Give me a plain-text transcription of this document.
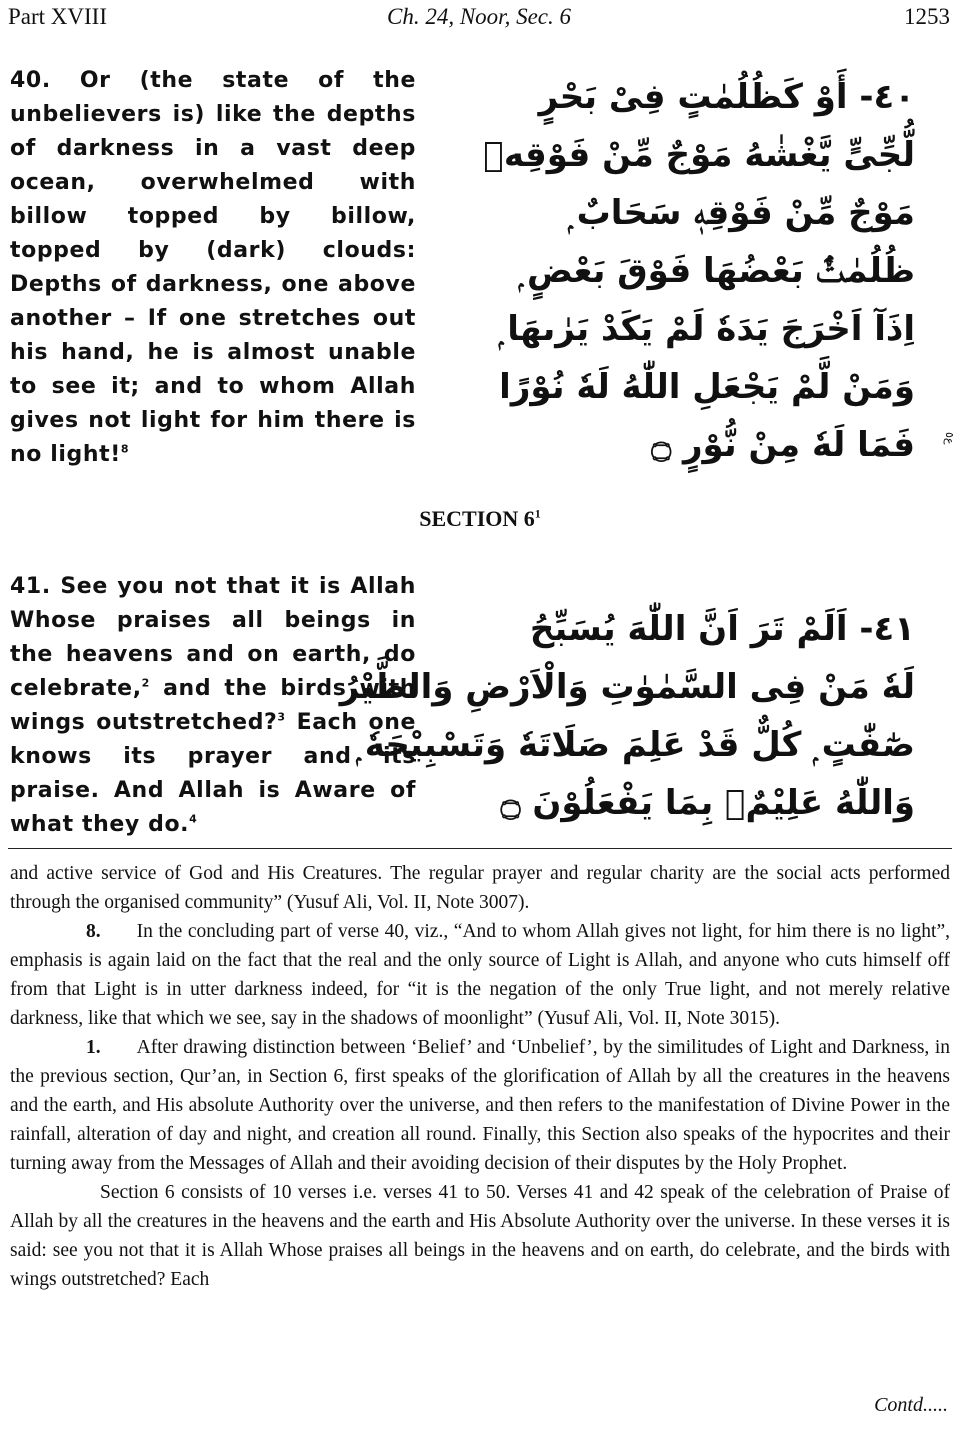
Part XVIII	Ch. 24, Noor, Sec. 6	1253
40. Or (the state of the unbelievers is) like the depths of darkness in a vast deep ocean, overwhelmed with billow topped by billow, topped by (dark) clouds: Depths of darkness, one above another – If one stretches out his hand, he is almost unable to see it; and to whom Allah gives not light for him there is no light!$^8$
٤٠- أَوْ كَظُلُمٰتٍ فِىْ بَحْرٍ
لُّجِّىٍّ يَّغْشٰهُ مَوْجٌ مِّنْ فَوْقِهٖ
مَوْجٌ مِّنْ فَوْقِهٖ سَحَابٌ ۭ
ظُلُمٰتٌۢ بَعْضُهَا فَوْقَ بَعْضٍ ۭ
اِذَآ اَخْرَجَ يَدَهٗ لَمْ يَكَدْ يَرٰىهَا ۭ
وَمَنْ لَّمْ يَجْعَلِ اللّٰهُ لَهٗ نُوْرًا
فَمَا لَهٗ مِنْ نُّوْرٍ ۝	ع٥
SECTION $6^1$
41. See you not that it is Allah Whose praises all beings in the heavens and on earth, do celebrate,$^2$ and the birds with wings outstretched?$^3$ Each one knows its prayer and its praise. And Allah is Aware of what they do.$^4$
٤١- اَلَمْ تَرَ اَنَّ اللّٰهَ يُسَبِّحُ
لَهٗ مَنْ فِى السَّمٰوٰتِ وَالْاَرْضِ وَالطَّيْرُ
صٰٓفّٰتٍ ۭ كُلٌّ قَدْ عَلِمَ صَلَاتَهٗ وَتَسْبِيْحَهٗ ۭ
وَاللّٰهُ عَلِيْمٌۢ بِمَا يَفْعَلُوْنَ ۝

and active service of God and His Creatures. The regular prayer and regular charity are the social acts performed through the organised community” (Yusuf Ali, Vol. II, Note 3007).

8. In the concluding part of verse 40, viz., “And to whom Allah gives not light, for him there is no light”, emphasis is again laid on the fact that the real and the only source of Light is Allah, and anyone who cuts himself off from that Light is in utter darkness indeed, for “it is the negation of the only True light, and not merely relative darkness, like that which we see, say in the shadows of moonlight” (Yusuf Ali, Vol. II, Note 3015).

1. After drawing distinction between ‘Belief’ and ‘Unbelief’, by the similitudes of Light and Darkness, in the previous section, Qur’an, in Section 6, first speaks of the glorification of Allah by all the creatures in the heavens and the earth, and His absolute Authority over the universe, and then refers to the manifestation of Divine Power in the rainfall, alteration of day and night, and creation all round. Finally, this Section also speaks of the hypocrites and their turning away from the Messages of Allah and their avoiding decision of their disputes by the Holy Prophet.

Section 6 consists of 10 verses i.e. verses 41 to 50. Verses 41 and 42 speak of the celebration of Praise of Allah by all the creatures in the heavens and the earth and His Absolute Authority over the universe. In these verses it is said: see you not that it is Allah Whose praises all beings in the heavens and on earth, do celebrate, and the birds with wings outstretched? Each

Contd.....
